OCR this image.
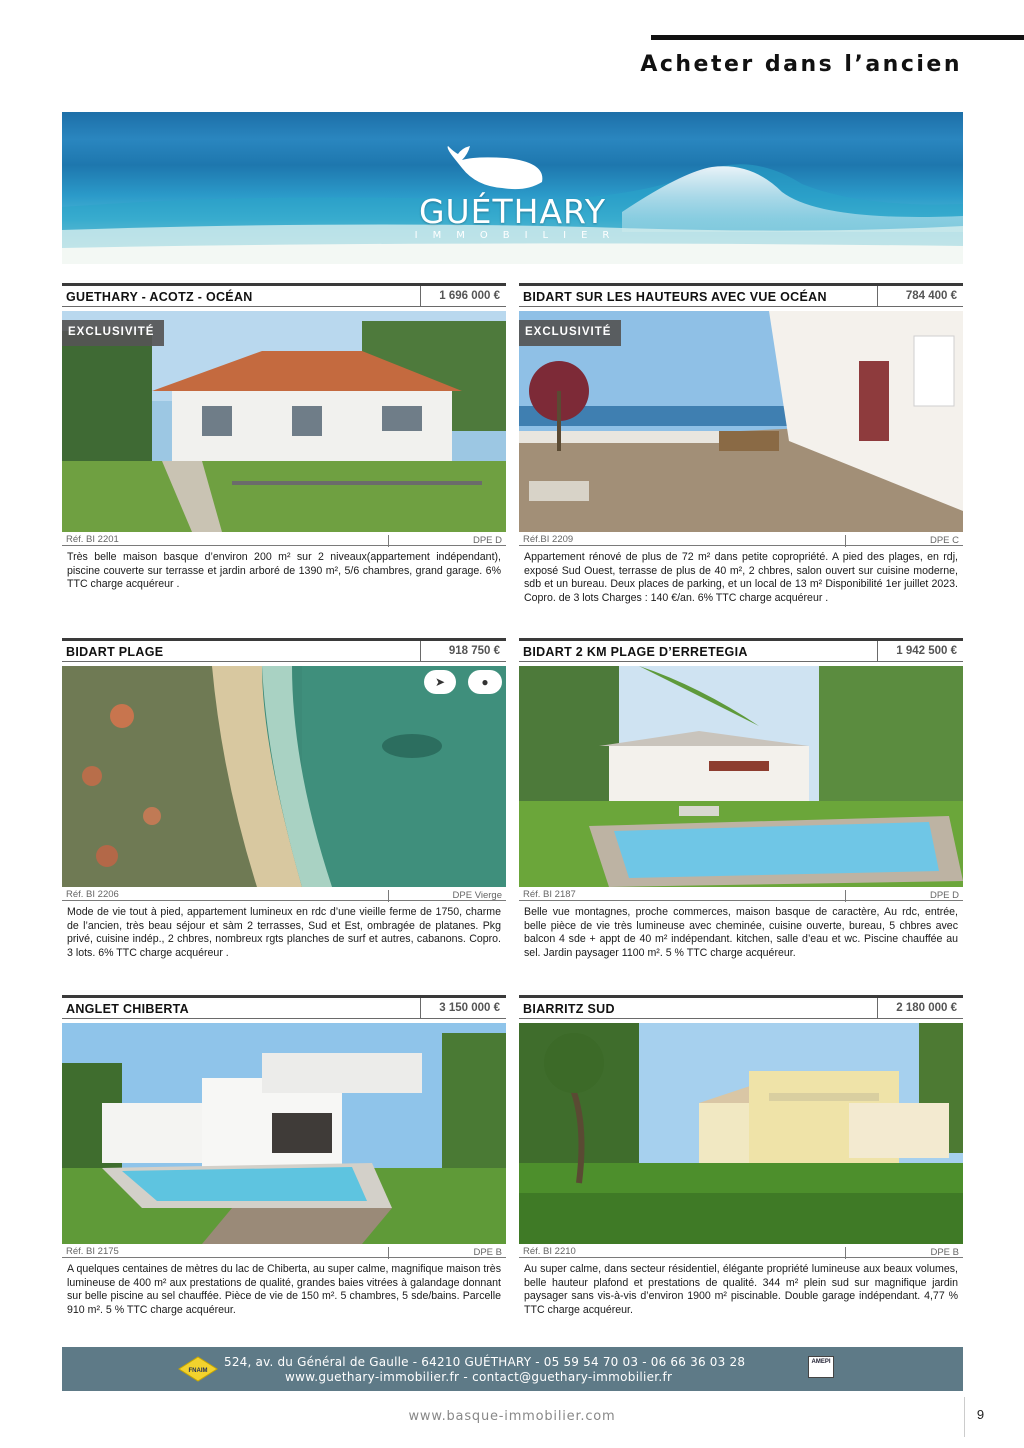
Acheter dans l’ancien
GUÉTHARY
IMMOBILIER
GUETHARY - ACOTZ - OCÉAN	1 696 000 €
EXCLUSIVITÉ
Réf. BI 2201	DPE D
Très belle maison basque d’environ 200 m² sur 2 niveaux(appartement indépendant), piscine couverte sur terrasse et jardin arboré de 1390 m², 5/6 chambres, grand garage. 6% TTC charge acquéreur .
BIDART SUR LES HAUTEURS AVEC VUE OCÉAN	784 400 €
EXCLUSIVITÉ
Réf.BI 2209	DPE C
Appartement rénové de plus de 72 m² dans petite copropriété. A pied des plages, en rdj, exposé Sud Ouest, terrasse de plus de 40 m², 2 chbres, salon ouvert sur cuisine moderne, sdb et un bureau. Deux places de parking, et un local de 13 m² Disponibilité 1er juillet 2023. Copro. de 3 lots Charges : 140 €/an. 6% TTC charge acquéreur .
BIDART PLAGE	918 750 €
➤	●
Réf. BI 2206	DPE Vierge
Mode de vie tout à pied, appartement lumineux en rdc d’une vieille ferme de 1750, charme de l’ancien, très beau séjour et sàm 2 terrasses, Sud et Est, ombragée de platanes. Pkg privé, cuisine indép., 2 chbres, nombreux rgts planches de surf et autres, cabanons. Copro. 3 lots. 6% TTC charge acquéreur .
BIDART 2 KM PLAGE D’ERRETEGIA	1 942 500 €
Réf. BI 2187	DPE D
Belle vue montagnes, proche commerces, maison basque de caractère, Au rdc, entrée, belle pièce de vie très lumineuse avec cheminée, cuisine ouverte, bureau, 5 chbres avec balcon 4 sde + appt de 40 m² indépendant. kitchen, salle d’eau et wc. Piscine chauffée au sel. Jardin paysager 1100 m². 5 % TTC charge acquéreur.
ANGLET CHIBERTA	3 150 000 €
Réf. BI 2175	DPE B
A quelques centaines de mètres du lac de Chiberta, au super calme, magnifique maison très lumineuse de 400 m² aux prestations de qualité, grandes baies vitrées à galandage donnant sur belle piscine au sel chauffée. Pièce de vie de 150 m². 5 chambres, 5 sde/bains. Parcelle 910 m². 5 % TTC charge acquéreur.
BIARRITZ SUD	2 180 000 €
Réf. BI 2210	DPE B
Au super calme, dans secteur résidentiel, élégante propriété lumineuse aux beaux volumes, belle hauteur plafond et prestations de qualité. 344 m² plein sud sur magnifique jardin paysager sans vis-à-vis d’environ 1900 m² piscinable. Double garage indépendant. 4,77 % TTC charge acquéreur.
FNAIM
524, av. du Général de Gaulle - 64210 GUÉTHARY - 05 59 54 70 03 - 06 66 36 03 28
www.guethary-immobilier.fr - contact@guethary-immobilier.fr
AMEPI
www.basque-immobilier.com	9
